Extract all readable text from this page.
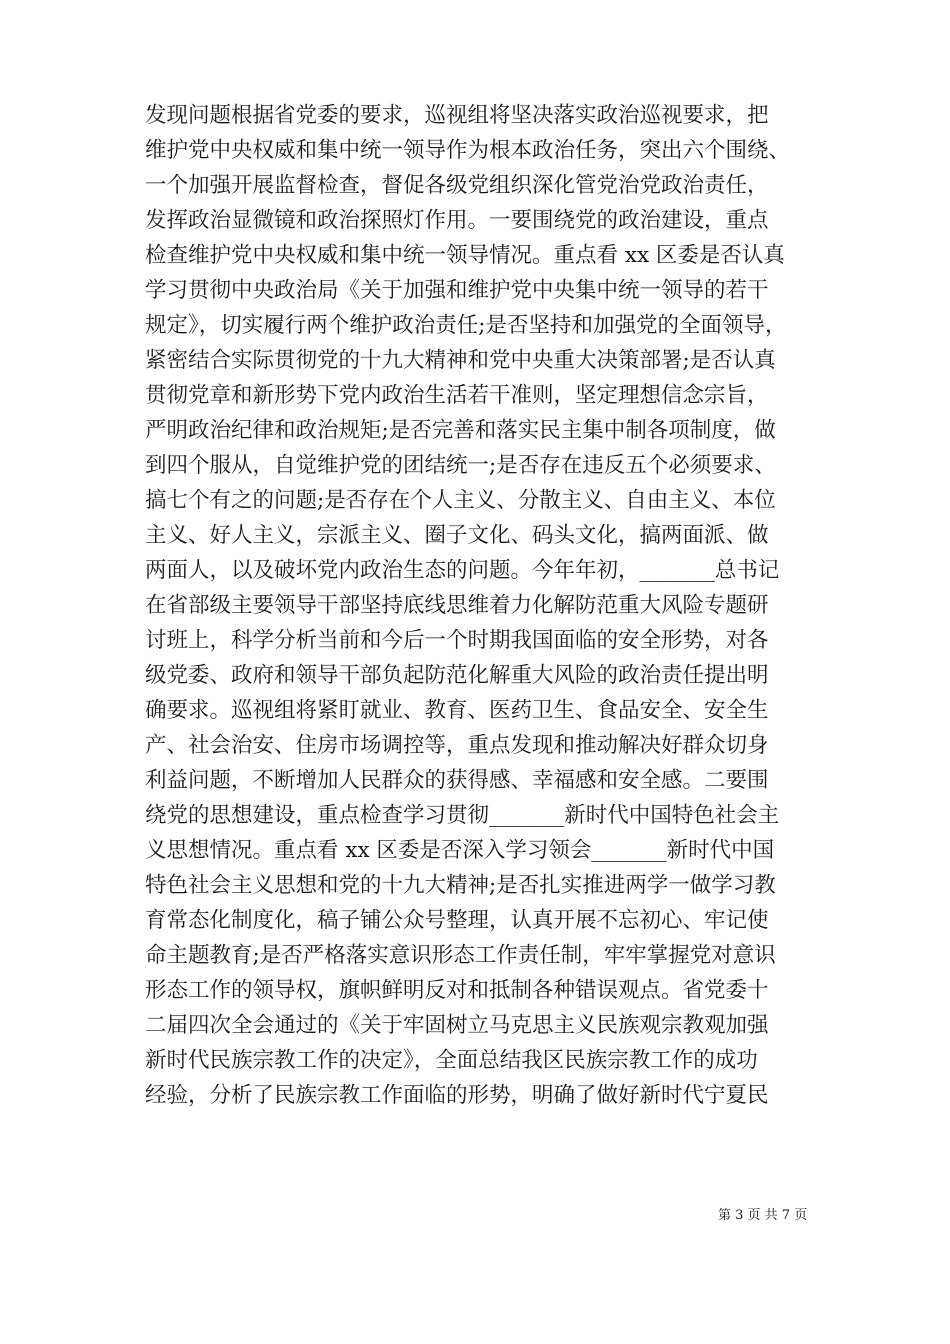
发现问题根据省党委的要求，巡视组将坚决落实政治巡视要求，把
维护党中央权威和集中统一领导作为根本政治任务，突出六个围绕、
一个加强开展监督检查，督促各级党组织深化管党治党政治责任，
发挥政治显微镜和政治探照灯作用。一要围绕党的政治建设，重点
检查维护党中央权威和集中统一领导情况。重点看 xx 区委是否认真
学习贯彻中央政治局《关于加强和维护党中央集中统一领导的若干
规定》，切实履行两个维护政治责任;是否坚持和加强党的全面领导，
紧密结合实际贯彻党的十九大精神和党中央重大决策部署;是否认真
贯彻党章和新形势下党内政治生活若干准则，坚定理想信念宗旨，
严明政治纪律和政治规矩;是否完善和落实民主集中制各项制度，做
到四个服从，自觉维护党的团结统一;是否存在违反五个必须要求、
搞七个有之的问题;是否存在个人主义、分散主义、自由主义、本位
主义、好人主义，宗派主义、圈子文化、码头文化，搞两面派、做
两面人，以及破坏党内政治生态的问题。今年年初，_______总书记
在省部级主要领导干部坚持底线思维着力化解防范重大风险专题研
讨班上，科学分析当前和今后一个时期我国面临的安全形势，对各
级党委、政府和领导干部负起防范化解重大风险的政治责任提出明
确要求。巡视组将紧盯就业、教育、医药卫生、食品安全、安全生
产、社会治安、住房市场调控等，重点发现和推动解决好群众切身
利益问题，不断增加人民群众的获得感、幸福感和安全感。二要围
绕党的思想建设，重点检查学习贯彻_______新时代中国特色社会主
义思想情况。重点看 xx 区委是否深入学习领会_______新时代中国
特色社会主义思想和党的十九大精神;是否扎实推进两学一做学习教
育常态化制度化，稿子铺公众号整理，认真开展不忘初心、牢记使
命主题教育;是否严格落实意识形态工作责任制，牢牢掌握党对意识
形态工作的领导权，旗帜鲜明反对和抵制各种错误观点。省党委十
二届四次全会通过的《关于牢固树立马克思主义民族观宗教观加强
新时代民族宗教工作的决定》，全面总结我区民族宗教工作的成功
经验，分析了民族宗教工作面临的形势，明确了做好新时代宁夏民
第 3 页 共 7 页
